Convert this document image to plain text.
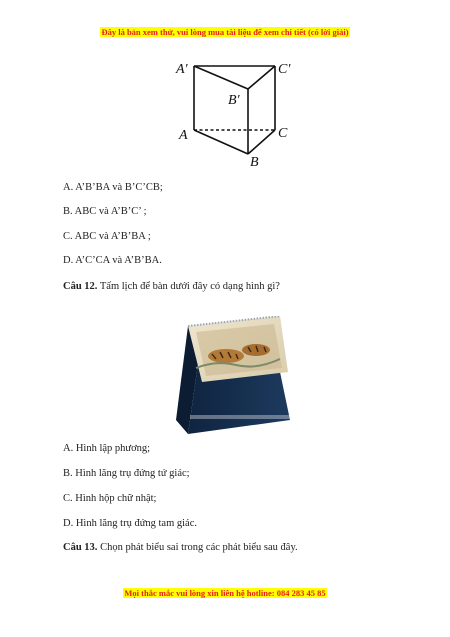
Đây là bản xem thử, vui lòng mua tài liệu để xem chi tiết (có lời giải)
A′	C′
B′
A	C
B
A. A’B’BA và B’C’CB;
B. ABC và A’B’C’ ;
C. ABC và A’B’BA ;
D. A’C’CA và A’B’BA.
Câu 12. Tấm lịch để bàn dưới đây có dạng hình gì?
A. Hình lập phương;
B. Hình lăng trụ đứng tứ giác;
C. Hình hộp chữ nhật;
D. Hình lăng trụ đứng tam giác.
Câu 13. Chọn phát biểu sai trong các phát biểu sau đây.
Mọi thắc mắc vui lòng xin liên hệ hotline: 084 283 45 85
